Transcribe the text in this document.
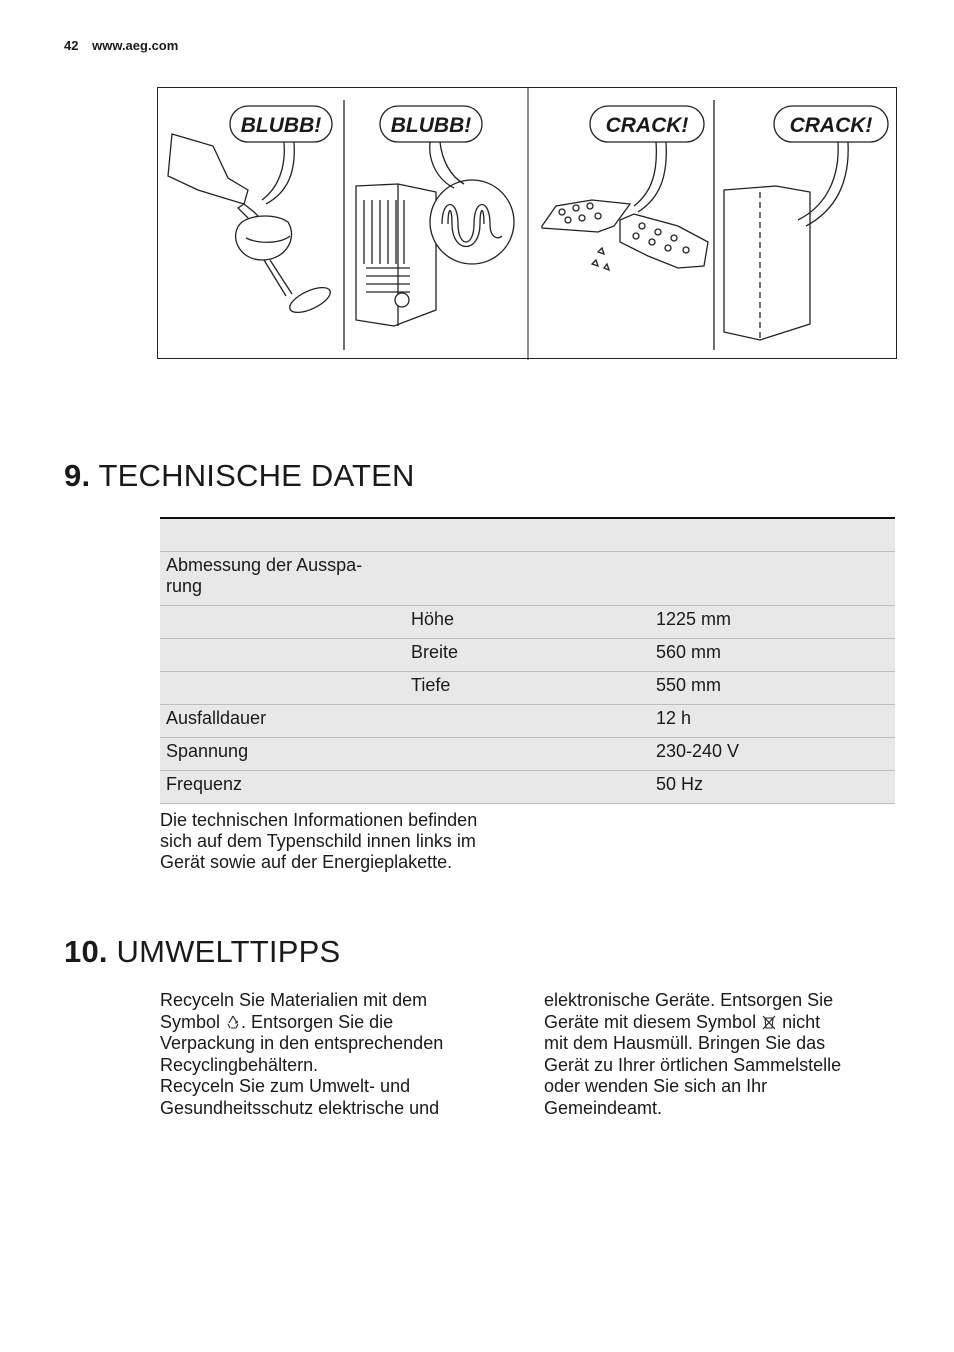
42 www.aeg.com
BLUBB!	BLUBB!	CRACK!	CRACK!
9. TECHNISCHE DATEN

Abmessung der Ausspa-
rung		
	Höhe	1225 mm
	Breite	560 mm
	Tiefe	550 mm
Ausfalldauer		12 h
Spannung		230-240 V
Frequenz		50 Hz
Die technischen Informationen befinden
sich auf dem Typenschild innen links im
Gerät sowie auf der Energieplakette.
10. UMWELTTIPPS
Recyceln Sie Materialien mit dem
Symbol . Entsorgen Sie die
Verpackung in den entsprechenden
Recyclingbehältern.
Recyceln Sie zum Umwelt- und
Gesundheitsschutz elektrische und
elektronische Geräte. Entsorgen Sie
Geräte mit diesem Symbol nicht
mit dem Hausmüll. Bringen Sie das
Gerät zu Ihrer örtlichen Sammelstelle
oder wenden Sie sich an Ihr
Gemeindeamt.
